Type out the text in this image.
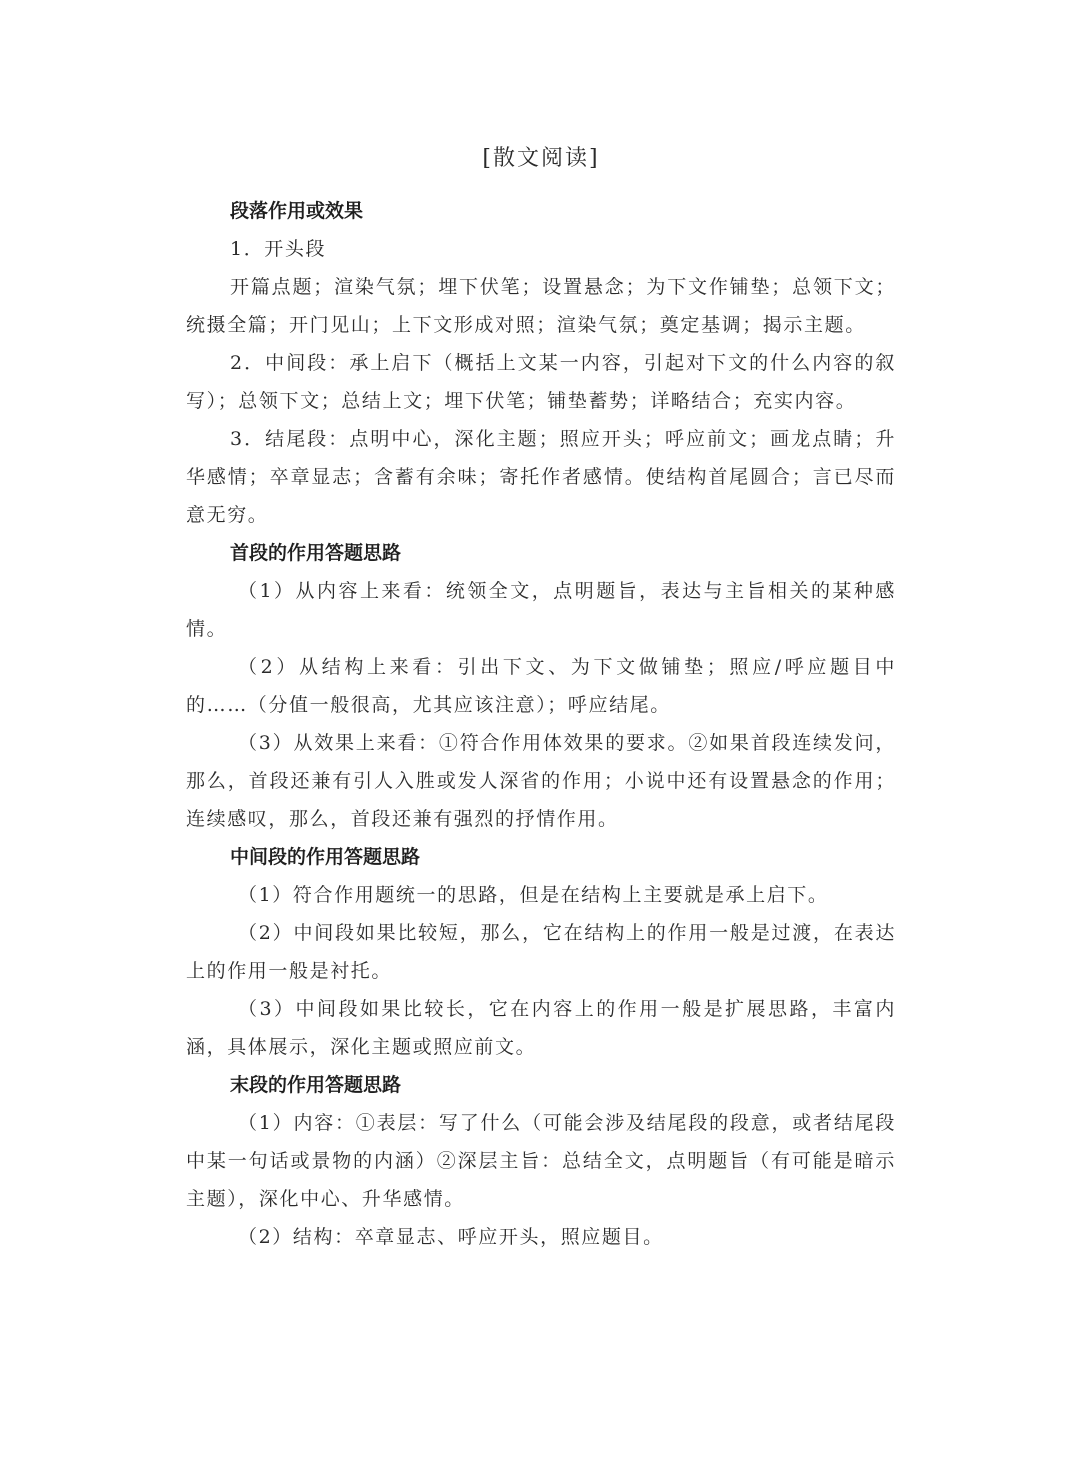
[散文阅读]
段落作用或效果
1．开头段
开篇点题；渲染气氛；埋下伏笔；设置悬念；为下文作铺垫；总领下文；统摄全篇；开门见山；上下文形成对照；渲染气氛；奠定基调；揭示主题。
2．中间段：承上启下（概括上文某一内容，引起对下文的什么内容的叙写）；总领下文；总结上文；埋下伏笔；铺垫蓄势；详略结合；充实内容。
3．结尾段：点明中心，深化主题；照应开头；呼应前文；画龙点睛；升华感情；卒章显志；含蓄有余味；寄托作者感情。使结构首尾圆合；言已尽而意无穷。
首段的作用答题思路
（1）从内容上来看：统领全文，点明题旨，表达与主旨相关的某种感情。
（2）从结构上来看：引出下文、为下文做铺垫；照应/呼应题目中的……（分值一般很高，尤其应该注意）；呼应结尾。
（3）从效果上来看：①符合作用体效果的要求。②如果首段连续发问，那么，首段还兼有引人入胜或发人深省的作用；小说中还有设置悬念的作用；连续感叹，那么，首段还兼有强烈的抒情作用。
中间段的作用答题思路
（1）符合作用题统一的思路，但是在结构上主要就是承上启下。
（2）中间段如果比较短，那么，它在结构上的作用一般是过渡，在表达上的作用一般是衬托。
（3）中间段如果比较长，它在内容上的作用一般是扩展思路，丰富内涵，具体展示，深化主题或照应前文。
末段的作用答题思路
（1）内容：①表层：写了什么（可能会涉及结尾段的段意，或者结尾段中某一句话或景物的内涵）②深层主旨：总结全文，点明题旨（有可能是暗示主题），深化中心、升华感情。
（2）结构：卒章显志、呼应开头，照应题目。
